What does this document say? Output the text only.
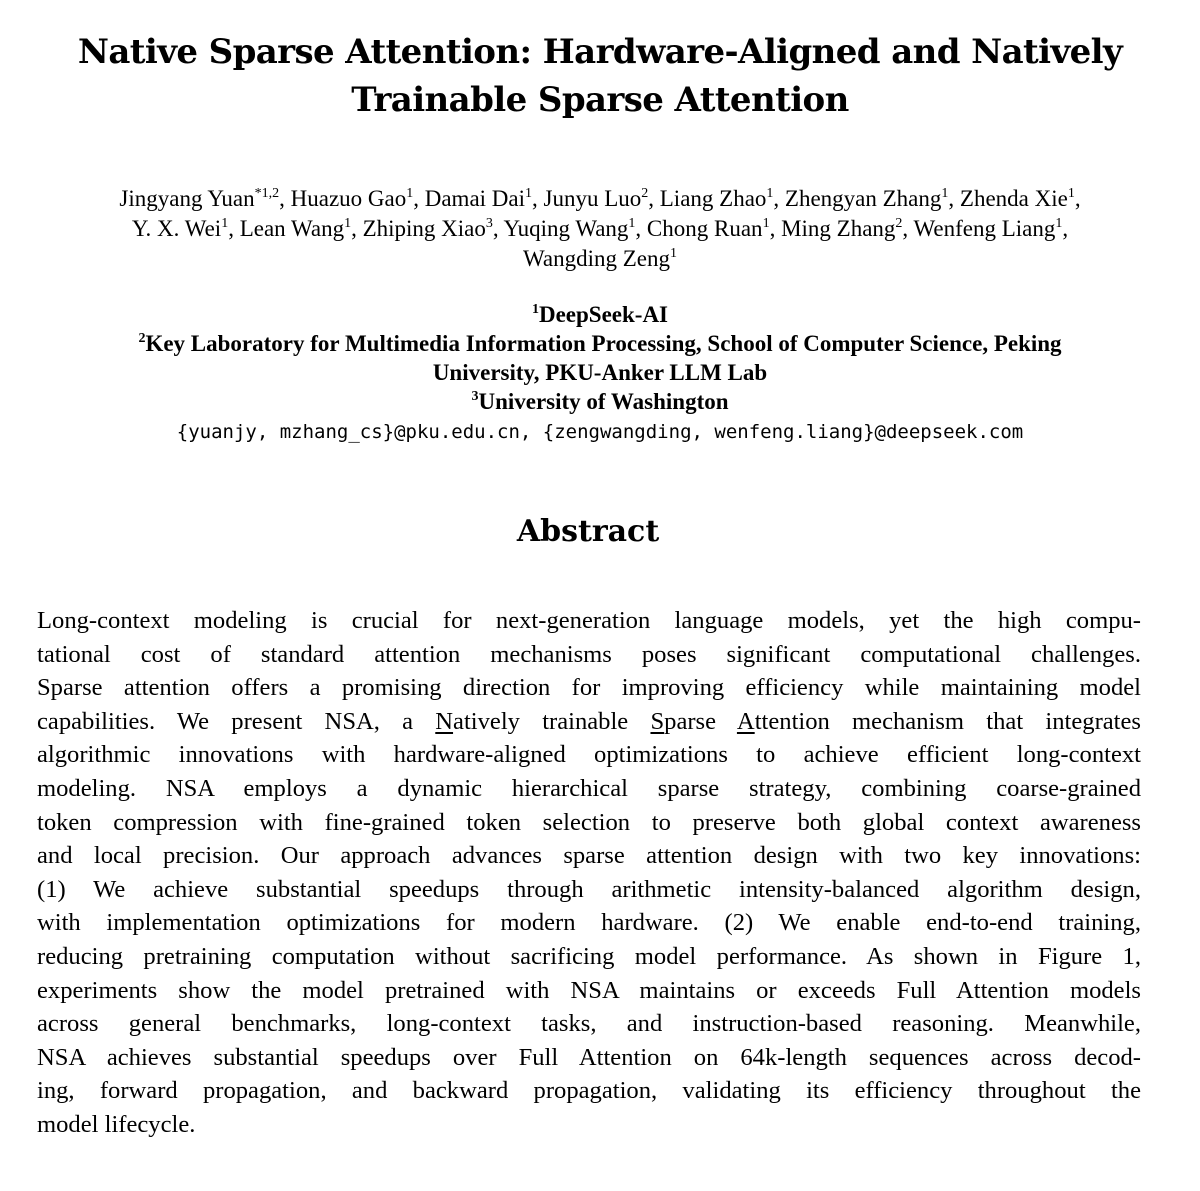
Native Sparse Attention: Hardware-Aligned and Natively
Trainable Sparse Attention
Jingyang Yuan$^{*1,2}$, Huazuo Gao$^1$, Damai Dai$^1$, Junyu Luo$^2$, Liang Zhao$^1$, Zhengyan Zhang$^1$, Zhenda Xie$^1$,
Y. X. Wei$^1$, Lean Wang$^1$, Zhiping Xiao$^3$, Yuqing Wang$^1$, Chong Ruan$^1$, Ming Zhang$^2$, Wenfeng Liang$^1$,
Wangding Zeng$^1$
$^1$DeepSeek-AI
$^2$Key Laboratory for Multimedia Information Processing, School of Computer Science, Peking
University, PKU-Anker LLM Lab
$^3$University of Washington
{yuanjy, mzhang_cs}@pku.edu.cn, {zengwangding, wenfeng.liang}@deepseek.com
Abstract
Long-context modeling is crucial for next-generation language models, yet the high compu-
tational cost of standard attention mechanisms poses significant computational challenges.
Sparse attention offers a promising direction for improving efficiency while maintaining model
capabilities. We present NSA, a Natively trainable Sparse Attention mechanism that integrates
algorithmic innovations with hardware-aligned optimizations to achieve efficient long-context
modeling. NSA employs a dynamic hierarchical sparse strategy, combining coarse-grained
token compression with fine-grained token selection to preserve both global context awareness
and local precision. Our approach advances sparse attention design with two key innovations:
(1) We achieve substantial speedups through arithmetic intensity-balanced algorithm design,
with implementation optimizations for modern hardware. (2) We enable end-to-end training,
reducing pretraining computation without sacrificing model performance. As shown in Figure 1,
experiments show the model pretrained with NSA maintains or exceeds Full Attention models
across general benchmarks, long-context tasks, and instruction-based reasoning. Meanwhile,
NSA achieves substantial speedups over Full Attention on 64k-length sequences across decod-
ing, forward propagation, and backward propagation, validating its efficiency throughout the
model lifecycle.
